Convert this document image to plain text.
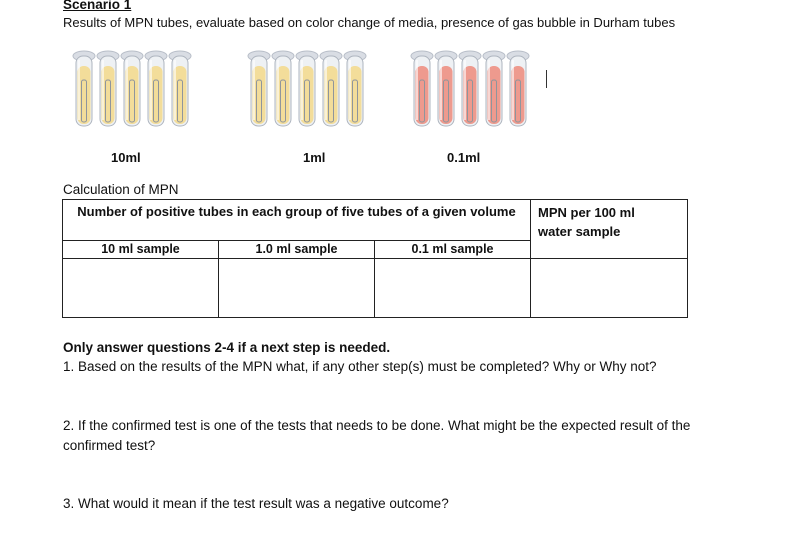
Scenario 1
Results of MPN tubes, evaluate based on color change of media, presence of gas bubble in Durham tubes
10ml	1ml	0.1ml
Calculation of MPN
Number of positive tubes in each group of five tubes of a given volume			MPN per 100 ml water sample

10 ml sample	1.0 ml sample	0.1 ml sample	

Only answer questions 2-4 if a next step is needed.
1. Based on the results of the MPN what, if any other step(s) must be completed? Why or Why not?
2. If the confirmed test is one of the tests that needs to be done. What might be the expected result of the confirmed test?
3. What would it mean if the test result was a negative outcome?
